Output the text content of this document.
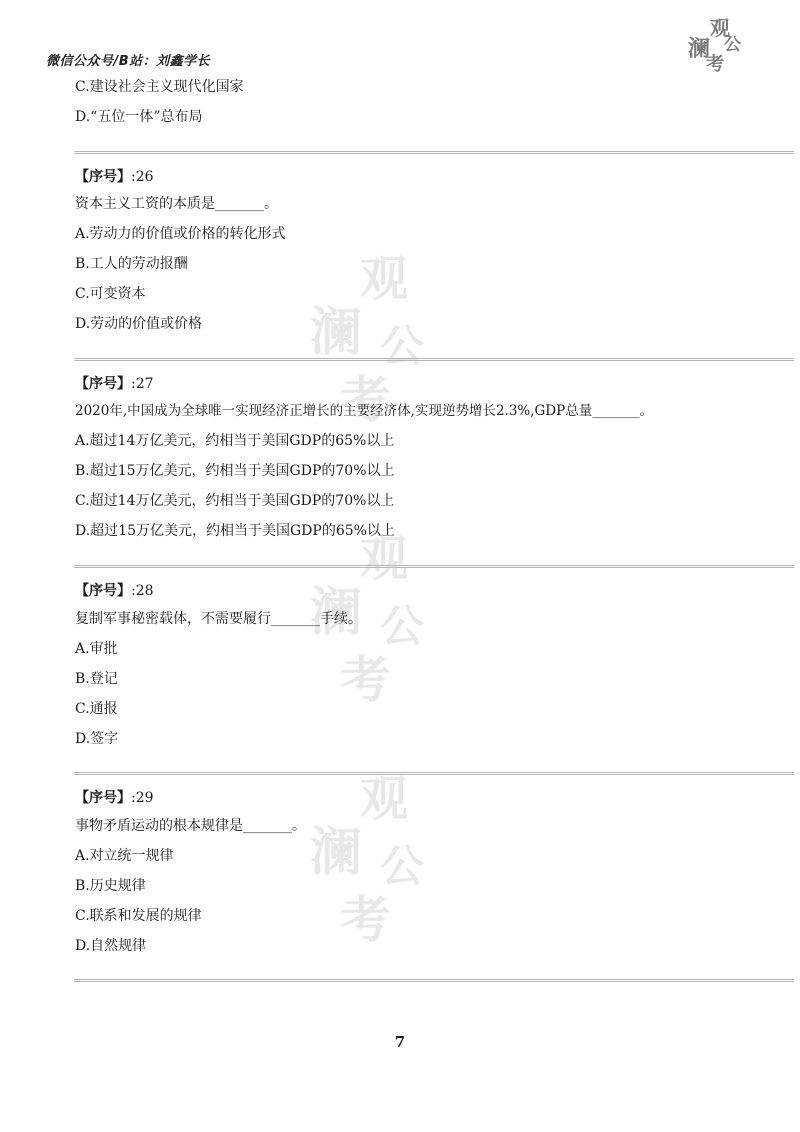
微信公众号/B站：刘鑫学长
观
澜 公
考
观
澜 公
考
观
澜 公
考
观
澜 公
考
C.建设社会主义现代化国家
D.“五位一体”总布局
【序号】:26
资本主义工资的本质是_______。
A.劳动力的价值或价格的转化形式
B.工人的劳动报酬
C.可变资本
D.劳动的价值或价格
【序号】:27
2020年,中国成为全球唯一实现经济正增长的主要经济体,实现逆势增长2.3%,GDP总量_______。
A.超过14万亿美元，约相当于美国GDP的65%以上
B.超过15万亿美元，约相当于美国GDP的70%以上
C.超过14万亿美元，约相当于美国GDP的70%以上
D.超过15万亿美元，约相当于美国GDP的65%以上
【序号】:28
复制军事秘密载体，不需要履行_______手续。
A.审批
B.登记
C.通报
D.签字
【序号】:29
事物矛盾运动的根本规律是_______。
A.对立统一规律
B.历史规律
C.联系和发展的规律
D.自然规律
7
